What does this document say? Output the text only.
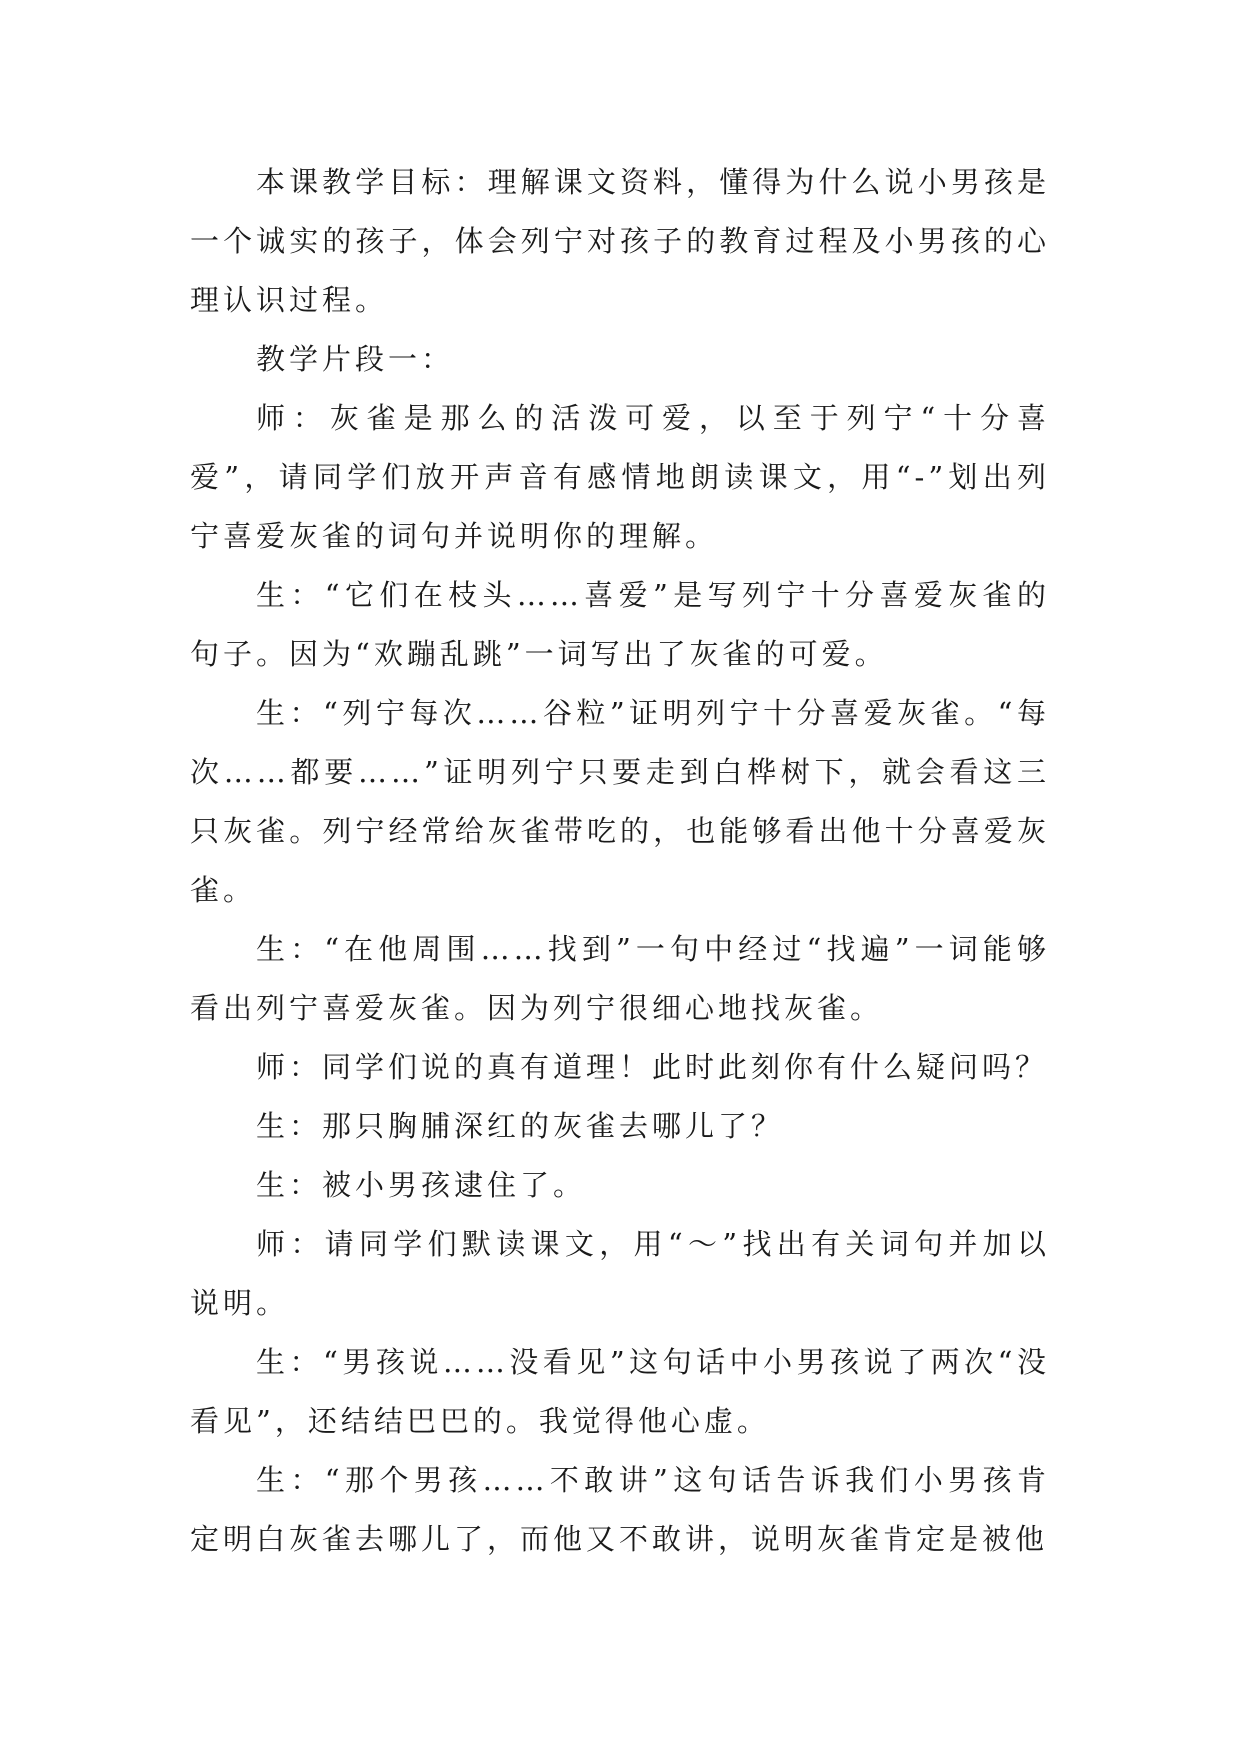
本课教学目标：理解课文资料，懂得为什么说小男孩是一个诚实的孩子，体会列宁对孩子的教育过程及小男孩的心理认识过程。

教学片段一：

师：灰雀是那么的活泼可爱，以至于列宁“十分喜爱”，请同学们放开声音有感情地朗读课文，用“-”划出列宁喜爱灰雀的词句并说明你的理解。

生：“它们在枝头……喜爱”是写列宁十分喜爱灰雀的句子。因为“欢蹦乱跳”一词写出了灰雀的可爱。

生：“列宁每次……谷粒”证明列宁十分喜爱灰雀。“每次……都要……”证明列宁只要走到白桦树下，就会看这三只灰雀。列宁经常给灰雀带吃的，也能够看出他十分喜爱灰雀。

生：“在他周围……找到”一句中经过“找遍”一词能够看出列宁喜爱灰雀。因为列宁很细心地找灰雀。

师：同学们说的真有道理！此时此刻你有什么疑问吗？

生：那只胸脯深红的灰雀去哪儿了？

生：被小男孩逮住了。

师：请同学们默读课文，用“～”找出有关词句并加以说明。

生：“男孩说……没看见”这句话中小男孩说了两次“没看见”，还结结巴巴的。我觉得他心虚。

生：“那个男孩……不敢讲”这句话告诉我们小男孩肯定明白灰雀去哪儿了，而他又不敢讲，说明灰雀肯定是被他
